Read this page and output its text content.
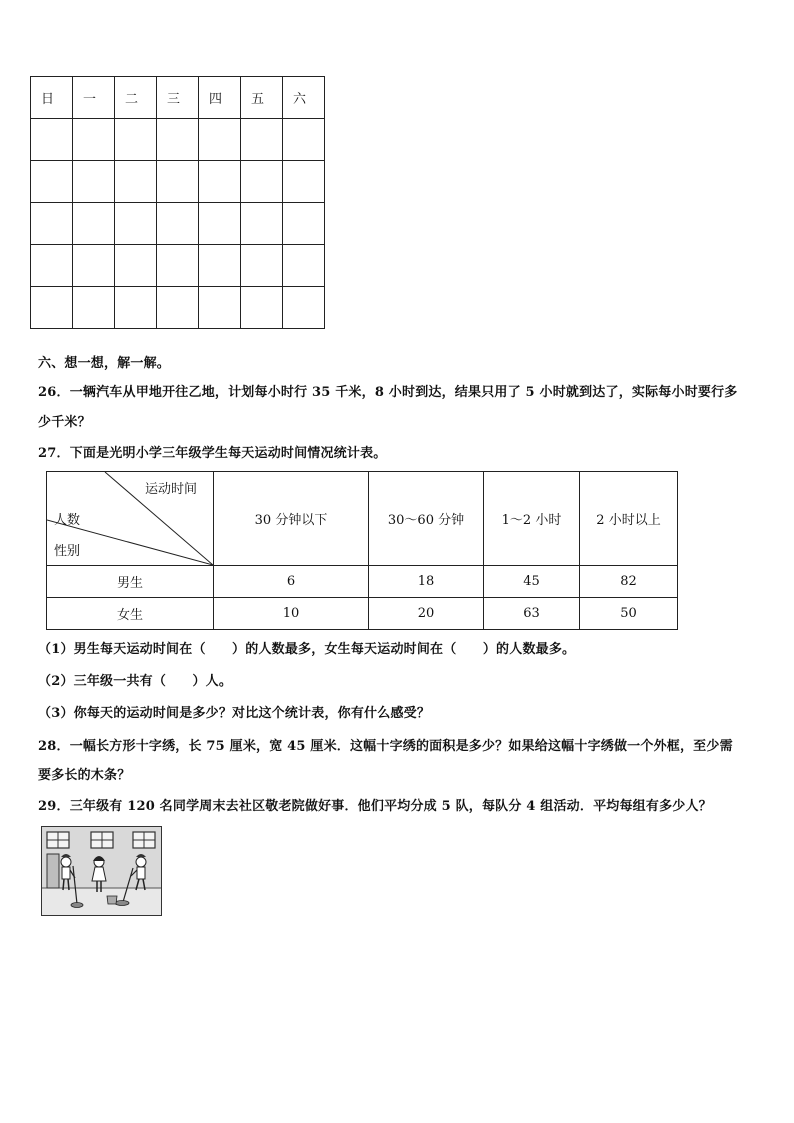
日	一	二	三	四	五	六

六、想一想，解一解。
26．一辆汽车从甲地开往乙地，计划每小时行 35 千米，8 小时到达，结果只用了 5 小时就到达了，实际每小时要行多
少千米？
27．下面是光明小学三年级学生每天运动时间情况统计表。
运动时间
人数
性别	30 分钟以下	30～60 分钟	1～2 小时	2 小时以上
男生	6	18	45	82
女生	10	20	63	50
（1）男生每天运动时间在（　　）的人数最多，女生每天运动时间在（　　）的人数最多。
（2）三年级一共有（　　）人。
（3）你每天的运动时间是多少？对比这个统计表，你有什么感受？
28．一幅长方形十字绣，长 75 厘米，宽 45 厘米．这幅十字绣的面积是多少？如果给这幅十字绣做一个外框，至少需
要多长的木条？
29．三年级有 120 名同学周末去社区敬老院做好事．他们平均分成 5 队，每队分 4 组活动．平均每组有多少人？
